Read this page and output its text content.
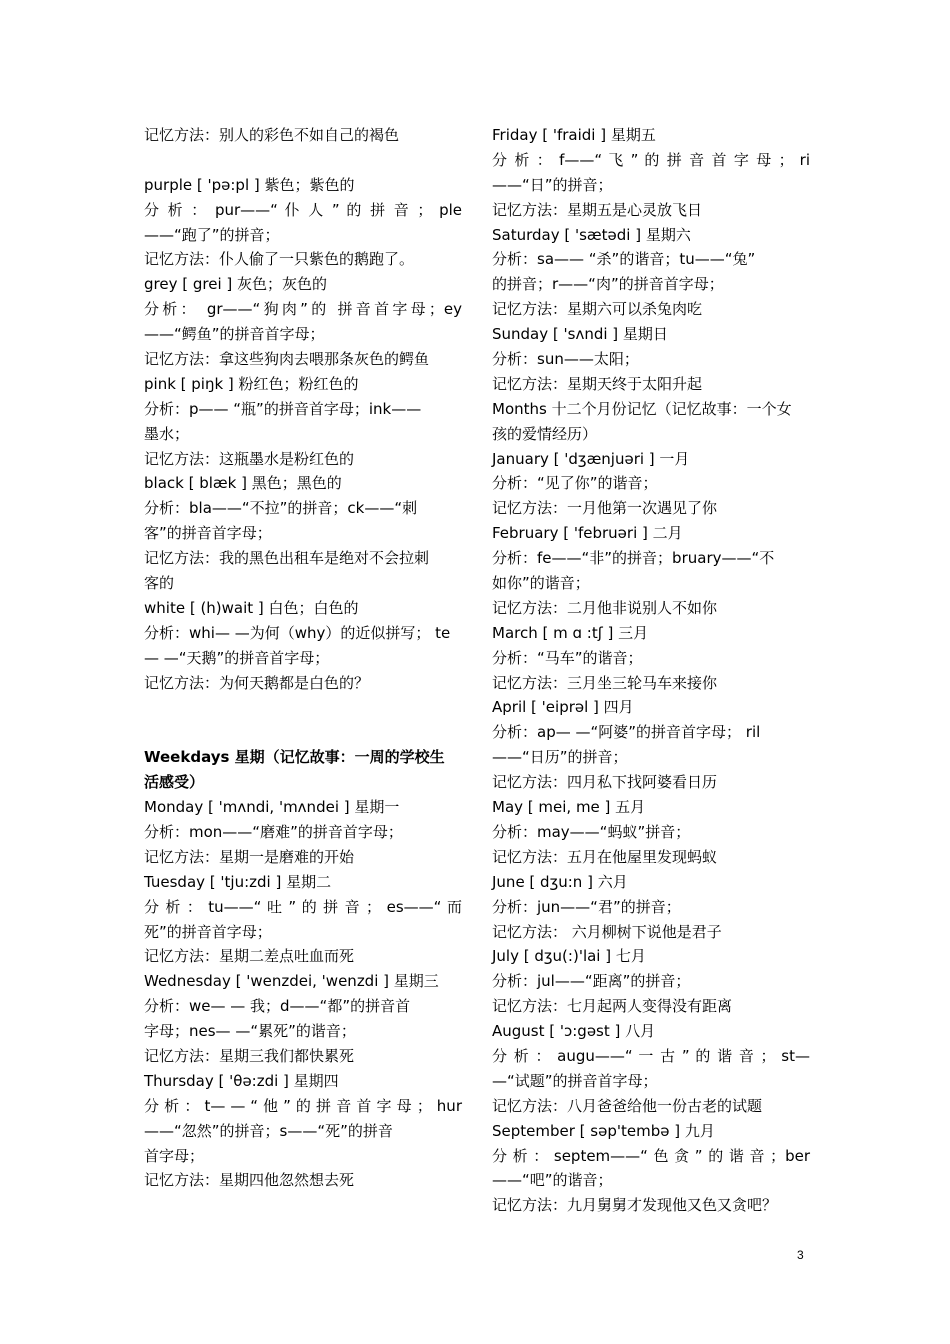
记忆方法：别人的彩色不如自己的褐色
purple [ 'pə:pl ] 紫色；紫色的
分 析 ： pur——“ 仆 人 ” 的 拼 音 ； ple
——“跑了”的拼音；
记忆方法：仆人偷了一只紫色的鹅跑了。
grey [ grei ] 灰色；灰色的
分析： gr——“狗肉”的 拼音首字母；ey
——“鳄鱼”的拼音首字母；
记忆方法：拿这些狗肉去喂那条灰色的鳄鱼
pink [ piŋk ] 粉红色；粉红色的
分析：p—— “瓶”的拼音首字母；ink——
墨水；
记忆方法：这瓶墨水是粉红色的
black [ blæk ] 黑色；黑色的
分析：bla——“不拉”的拼音；ck——“刺
客”的拼音首字母；
记忆方法：我的黑色出租车是绝对不会拉刺
客的
white [ (h)wait ] 白色；白色的
分析：whi— —为何（why）的近似拼写； te
— —“天鹅”的拼音首字母；
记忆方法：为何天鹅都是白色的？
Weekdays 星期（记忆故事：一周的学校生
活感受）
Monday [ 'mʌndi, 'mʌndei ] 星期一
分析：mon——“磨难”的拼音首字母；
记忆方法：星期一是磨难的开始
Tuesday [ 'tju:zdi ] 星期二
分 析 ： tu——“ 吐 ” 的 拼 音 ； es——“ 而
死”的拼音首字母；
记忆方法：星期二差点吐血而死
Wednesday [ 'wenzdei, 'wenzdi ] 星期三
分析：we— — 我；d——“都”的拼音首
字母；nes— —“累死”的谐音；
记忆方法：星期三我们都快累死
Thursday [ 'θə:zdi ] 星期四
分 析 ： t— — “ 他 ” 的 拼 音 首 字 母 ； hur
——“忽然”的拼音；s——“死”的拼音
首字母；
记忆方法：星期四他忽然想去死
Friday [ 'fraidi ] 星期五
分 析 ： f——“ 飞 ” 的 拼 音 首 字 母 ； ri
——“日”的拼音；
记忆方法：星期五是心灵放飞日
Saturday [ 'sætədi ] 星期六
分析：sa—— “杀”的谐音；tu——“兔”
的拼音；r——“肉”的拼音首字母；
记忆方法：星期六可以杀兔肉吃
Sunday [ 'sʌndi ] 星期日
分析：sun——太阳；
记忆方法：星期天终于太阳升起
Months 十二个月份记忆（记忆故事：一个女
孩的爱情经历）
January [ 'dʒænjuəri ] 一月
分析：“见了你”的谐音；
记忆方法：一月他第一次遇见了你
February [ 'februəri ] 二月
分析：fe——“非”的拼音；bruary——“不
如你”的谐音；
记忆方法：二月他非说别人不如你
March [ m ɑ :tʃ ] 三月
分析：“马车”的谐音；
记忆方法：三月坐三轮马车来接你
April [ 'eiprəl ] 四月
分析：ap— —“阿婆”的拼音首字母； ril
——“日历”的拼音；
记忆方法：四月私下找阿婆看日历
May [ mei, me ] 五月
分析：may——“蚂蚁”拼音；
记忆方法：五月在他屋里发现蚂蚁
June [ dʒu:n ] 六月
分析：jun——“君”的拼音；
记忆方法： 六月柳树下说他是君子
July [ dʒu(:)'lai ] 七月
分析：jul——“距离”的拼音；
记忆方法：七月起两人变得没有距离
August [ 'ɔ:gəst ] 八月
分 析 ： augu——“ 一 古 ” 的 谐 音 ； st—
—“试题”的拼音首字母；
记忆方法：八月爸爸给他一份古老的试题
September [ səp'tembə ] 九月
分析：septem——“色贪”的谐音；ber
——“吧”的谐音；
记忆方法：九月舅舅才发现他又色又贪吧？
3
